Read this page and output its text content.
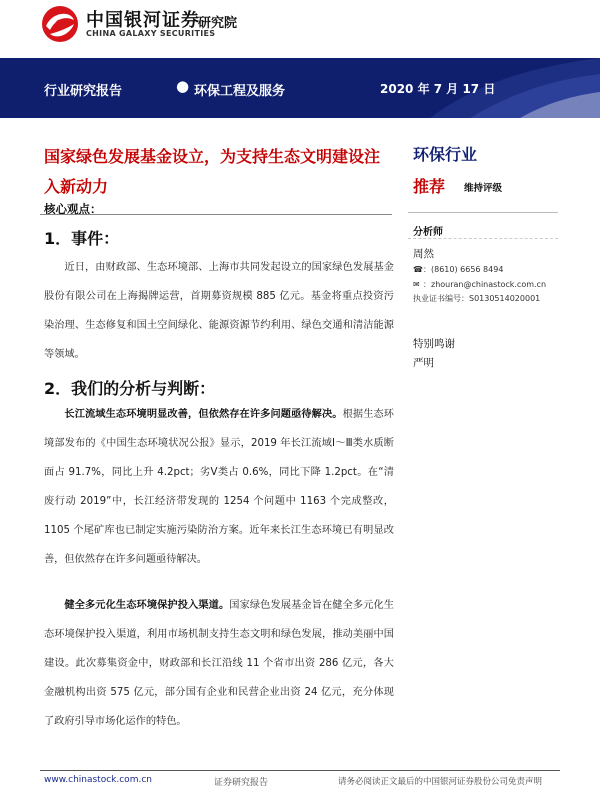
中国银河证券
CHINA GALAXY SECURITIES
研究院
行业研究报告	● 环保工程及服务	2020 年 7 月 17 日
国家绿色发展基金设立，为支持生态文明建设注入新动力
核心观点：
1．事件：
近日，由财政部、生态环境部、上海市共同发起设立的国家绿色发展基金股份有限公司在上海揭牌运营，首期募资规模 885 亿元。基金将重点投资污染治理、生态修复和国土空间绿化、能源资源节约利用、绿色交通和清洁能源等领域。
2．我们的分析与判断：
长江流域生态环境明显改善，但依然存在许多问题亟待解决。根据生态环境部发布的《中国生态环境状况公报》显示，2019 年长江流域Ⅰ～Ⅲ类水质断面占 91.7%，同比上升 4.2pct；劣Ⅴ类占 0.6%，同比下降 1.2pct。在“清废行动 2019”中，长江经济带发现的 1254 个问题中 1163 个完成整改，1105 个尾矿库也已制定实施污染防治方案。近年来长江生态环境已有明显改善，但依然存在许多问题亟待解决。
健全多元化生态环境保护投入渠道。国家绿色发展基金旨在健全多元化生态环境保护投入渠道，利用市场机制支持生态文明和绿色发展，推动美丽中国建设。此次募集资金中，财政部和长江沿线 11 个省市出资 286 亿元，各大金融机构出资 575 亿元，部分国有企业和民营企业出资 24 亿元，充分体现了政府引导市场化运作的特色。
环保行业
推荐 维持评级
分析师
周然
☎：(8610) 6656 8494
✉ ：zhouran@chinastock.com.cn
执业证书编号：S0130514020001
特别鸣谢
严明
www.chinastock.com.cn	证券研究报告	请务必阅读正文最后的中国银河证券股份公司免责声明
